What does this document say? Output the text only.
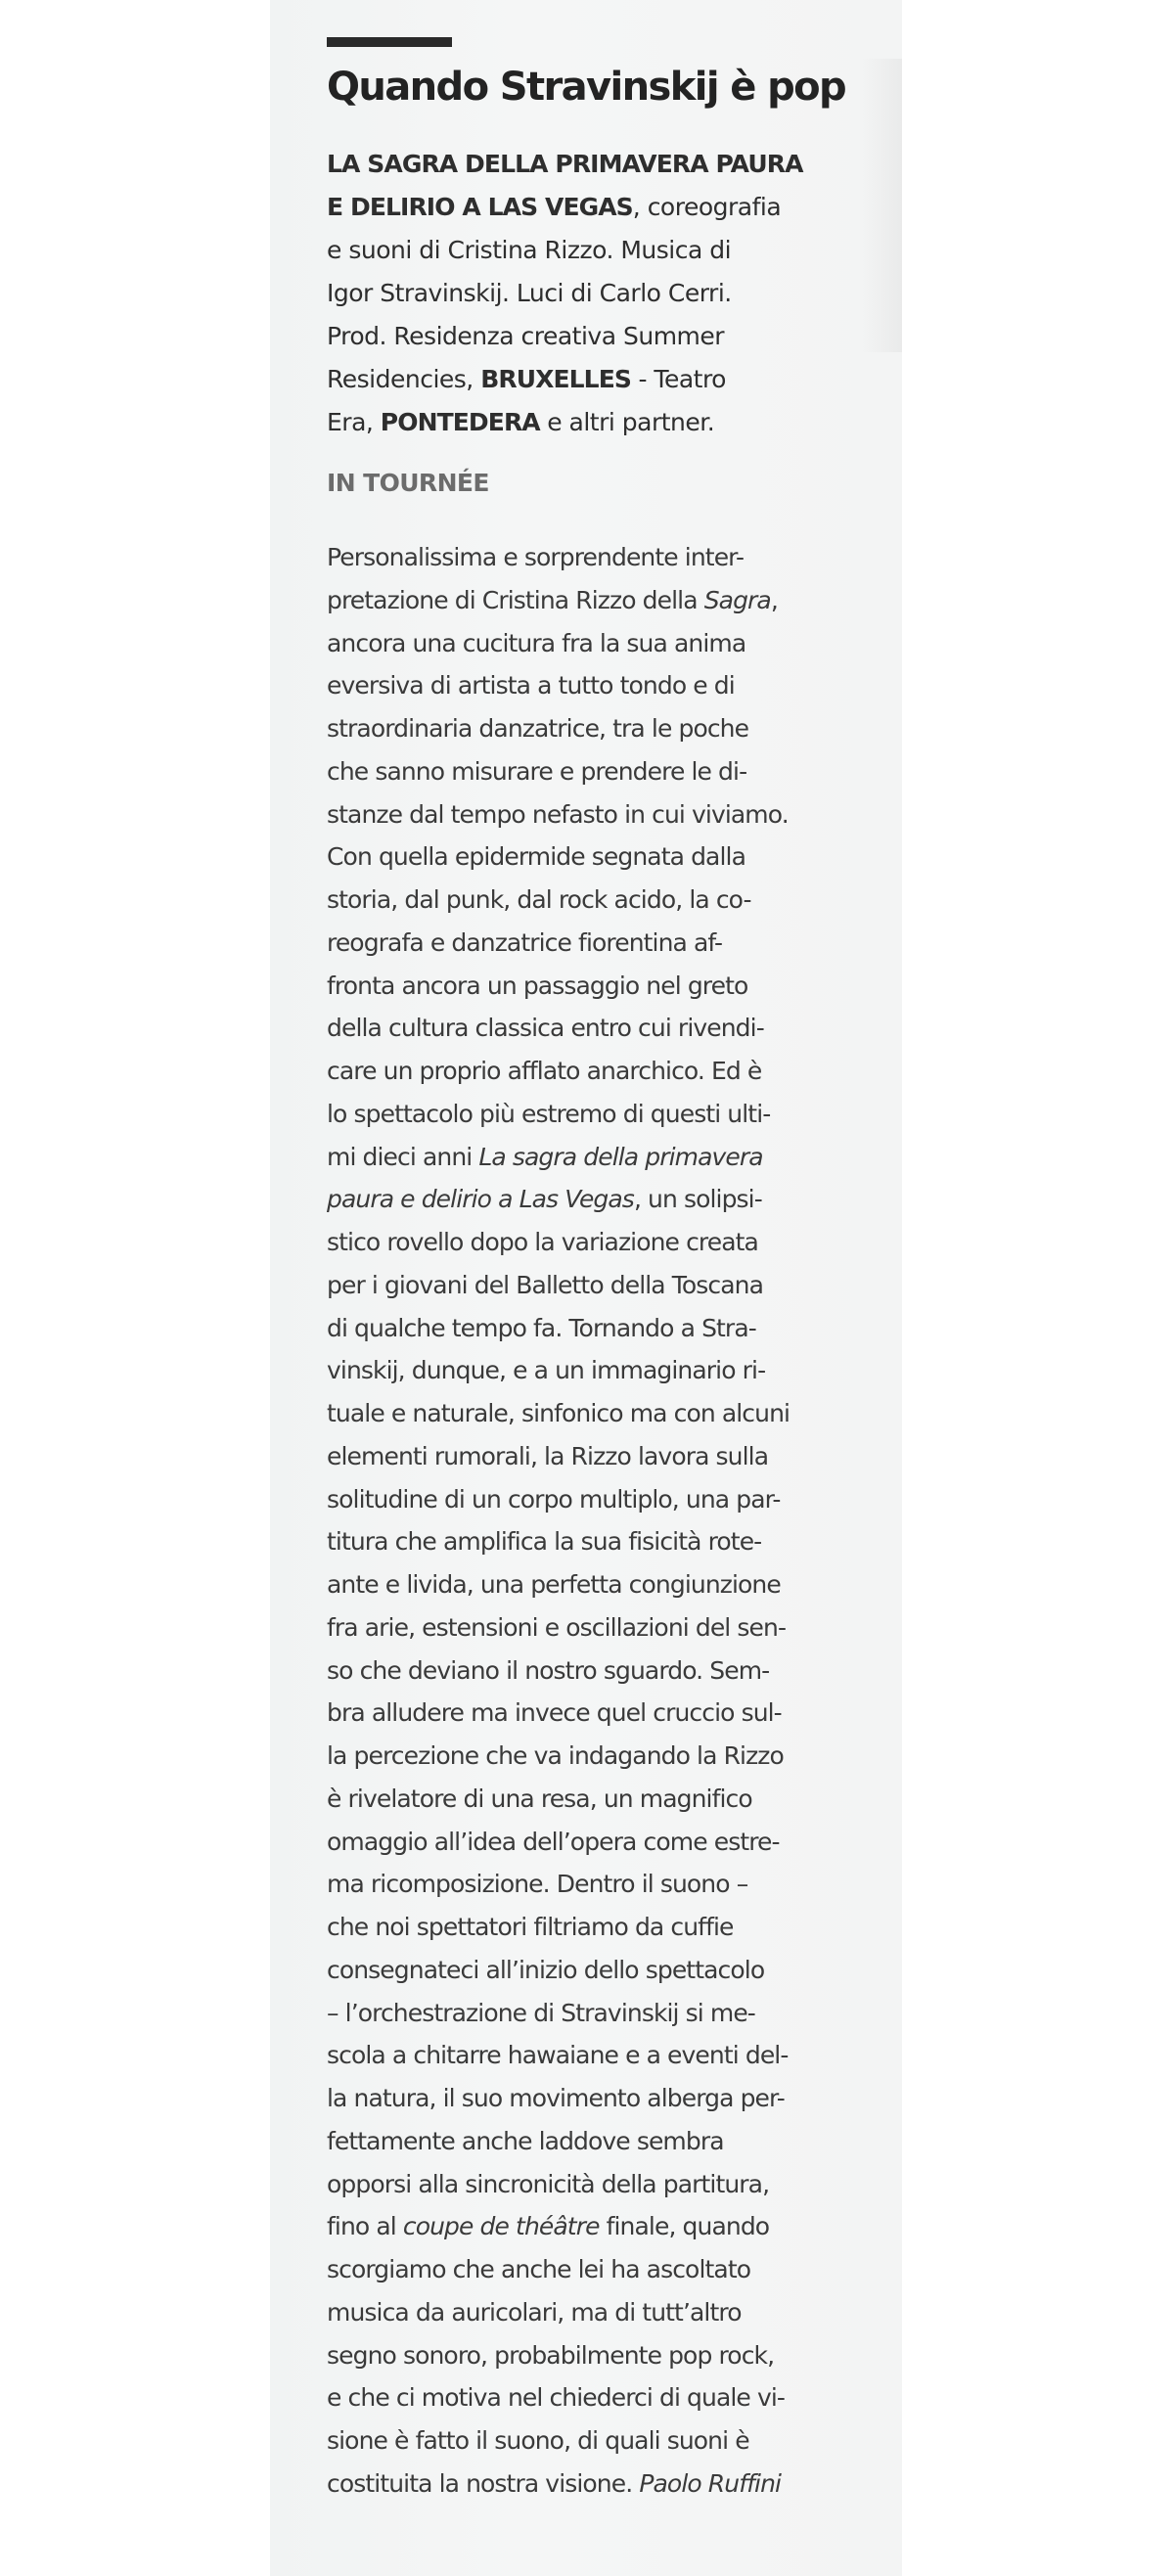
Quando Stravinskij è pop
LA SAGRA DELLA PRIMAVERA PAURA
E DELIRIO A LAS VEGAS, coreografia
e suoni di Cristina Rizzo. Musica di
Igor Stravinskij. Luci di Carlo Cerri.
Prod. Residenza creativa Summer
Residencies, BRUXELLES - Teatro
Era, PONTEDERA e altri partner.
IN TOURNÉE
Personalissima e sorprendente inter-
pretazione di Cristina Rizzo della Sagra,
ancora una cucitura fra la sua anima
eversiva di artista a tutto tondo e di
straordinaria danzatrice, tra le poche
che sanno misurare e prendere le di-
stanze dal tempo nefasto in cui viviamo.
Con quella epidermide segnata dalla
storia, dal punk, dal rock acido, la co-
reografa e danzatrice fiorentina af-
fronta ancora un passaggio nel greto
della cultura classica entro cui rivendi-
care un proprio afflato anarchico. Ed è
lo spettacolo più estremo di questi ulti-
mi dieci anni La sagra della primavera
paura e delirio a Las Vegas, un solipsi-
stico rovello dopo la variazione creata
per i giovani del Balletto della Toscana
di qualche tempo fa. Tornando a Stra-
vinskij, dunque, e a un immaginario ri-
tuale e naturale, sinfonico ma con alcuni
elementi rumorali, la Rizzo lavora sulla
solitudine di un corpo multiplo, una par-
titura che amplifica la sua fisicità rote-
ante e livida, una perfetta congiunzione
fra arie, estensioni e oscillazioni del sen-
so che deviano il nostro sguardo. Sem-
bra alludere ma invece quel cruccio sul-
la percezione che va indagando la Rizzo
è rivelatore di una resa, un magnifico
omaggio all’idea dell’opera come estre-
ma ricomposizione. Dentro il suono –
che noi spettatori filtriamo da cuffie
consegnateci all’inizio dello spettacolo
– l’orchestrazione di Stravinskij si me-
scola a chitarre hawaiane e a eventi del-
la natura, il suo movimento alberga per-
fettamente anche laddove sembra
opporsi alla sincronicità della partitura,
fino al coupe de théâtre finale, quando
scorgiamo che anche lei ha ascoltato
musica da auricolari, ma di tutt’altro
segno sonoro, probabilmente pop rock,
e che ci motiva nel chiederci di quale vi-
sione è fatto il suono, di quali suoni è
costituita la nostra visione. Paolo Ruffini
